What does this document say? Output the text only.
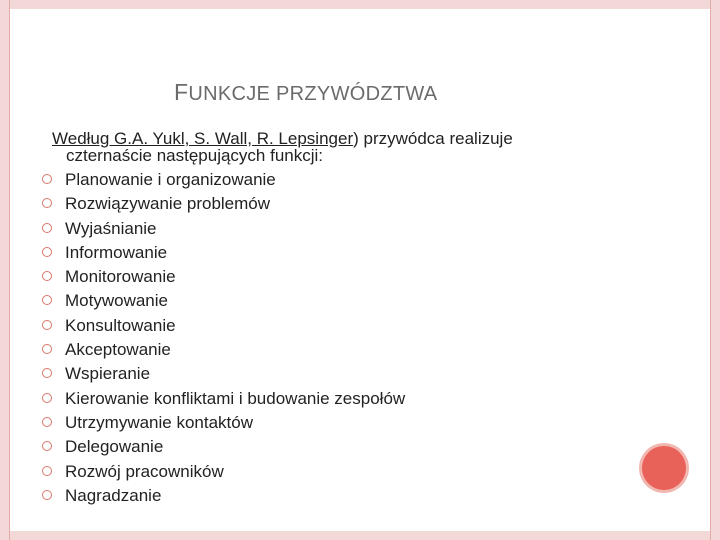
FUNKCJE PRZYWÓDZTWA
Według G.A. Yukl, S. Wall, R. Lepsinger) przywódca realizuje
czternaście następujących funkcji:
Planowanie i organizowanie
Rozwiązywanie problemów
Wyjaśnianie
Informowanie
Monitorowanie
Motywowanie
Konsultowanie
Akceptowanie
Wspieranie
Kierowanie konfliktami i budowanie zespołów
Utrzymywanie kontaktów
Delegowanie
Rozwój pracowników
Nagradzanie
